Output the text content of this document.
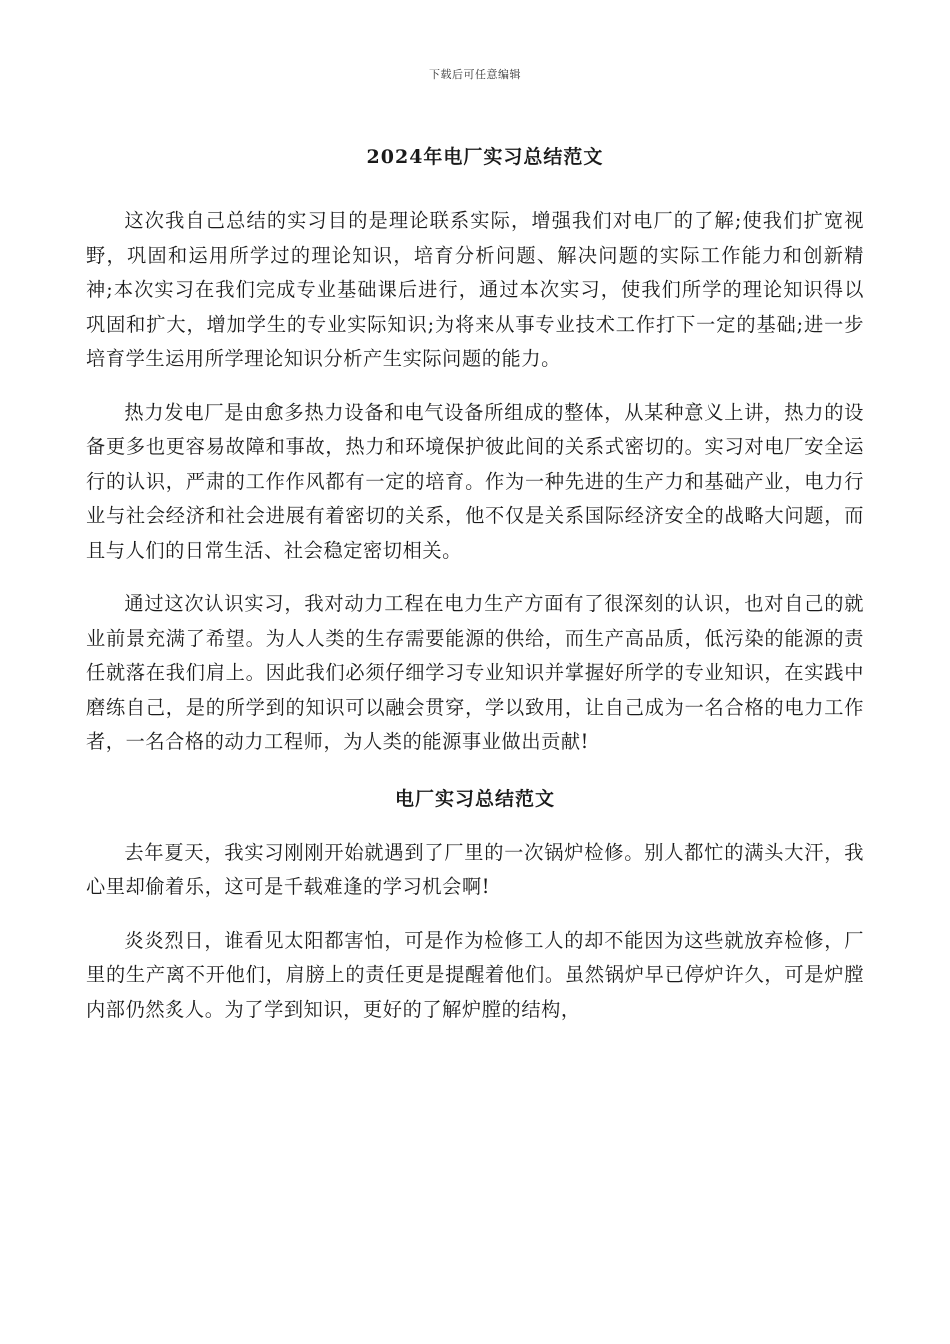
下载后可任意编辑
2024年电厂实习总结范文

这次我自己总结的实习目的是理论联系实际，增强我们对电厂的了解;使我们扩宽视野，巩固和运用所学过的理论知识，培育分析问题、解决问题的实际工作能力和创新精神;本次实习在我们完成专业基础课后进行，通过本次实习，使我们所学的理论知识得以巩固和扩大，增加学生的专业实际知识;为将来从事专业技术工作打下一定的基础;进一步培育学生运用所学理论知识分析产生实际问题的能力。

热力发电厂是由愈多热力设备和电气设备所组成的整体，从某种意义上讲，热力的设备更多也更容易故障和事故，热力和环境保护彼此间的关系式密切的。实习对电厂安全运行的认识，严肃的工作作风都有一定的培育。作为一种先进的生产力和基础产业，电力行业与社会经济和社会进展有着密切的关系，他不仅是关系国际经济安全的战略大问题，而且与人们的日常生活、社会稳定密切相关。

通过这次认识实习，我对动力工程在电力生产方面有了很深刻的认识，也对自己的就业前景充满了希望。为人人类的生存需要能源的供给，而生产高品质，低污染的能源的责任就落在我们肩上。因此我们必须仔细学习专业知识并掌握好所学的专业知识，在实践中磨练自己，是的所学到的知识可以融会贯穿，学以致用，让自己成为一名合格的电力工作者，一名合格的动力工程师，为人类的能源事业做出贡献!

电厂实习总结范文

去年夏天，我实习刚刚开始就遇到了厂里的一次锅炉检修。别人都忙的满头大汗，我心里却偷着乐，这可是千载难逢的学习机会啊!

炎炎烈日，谁看见太阳都害怕，可是作为检修工人的却不能因为这些就放弃检修，厂里的生产离不开他们，肩膀上的责任更是提醒着他们。虽然锅炉早已停炉许久，可是炉膛内部仍然炙人。为了学到知识，更好的了解炉膛的结构，
